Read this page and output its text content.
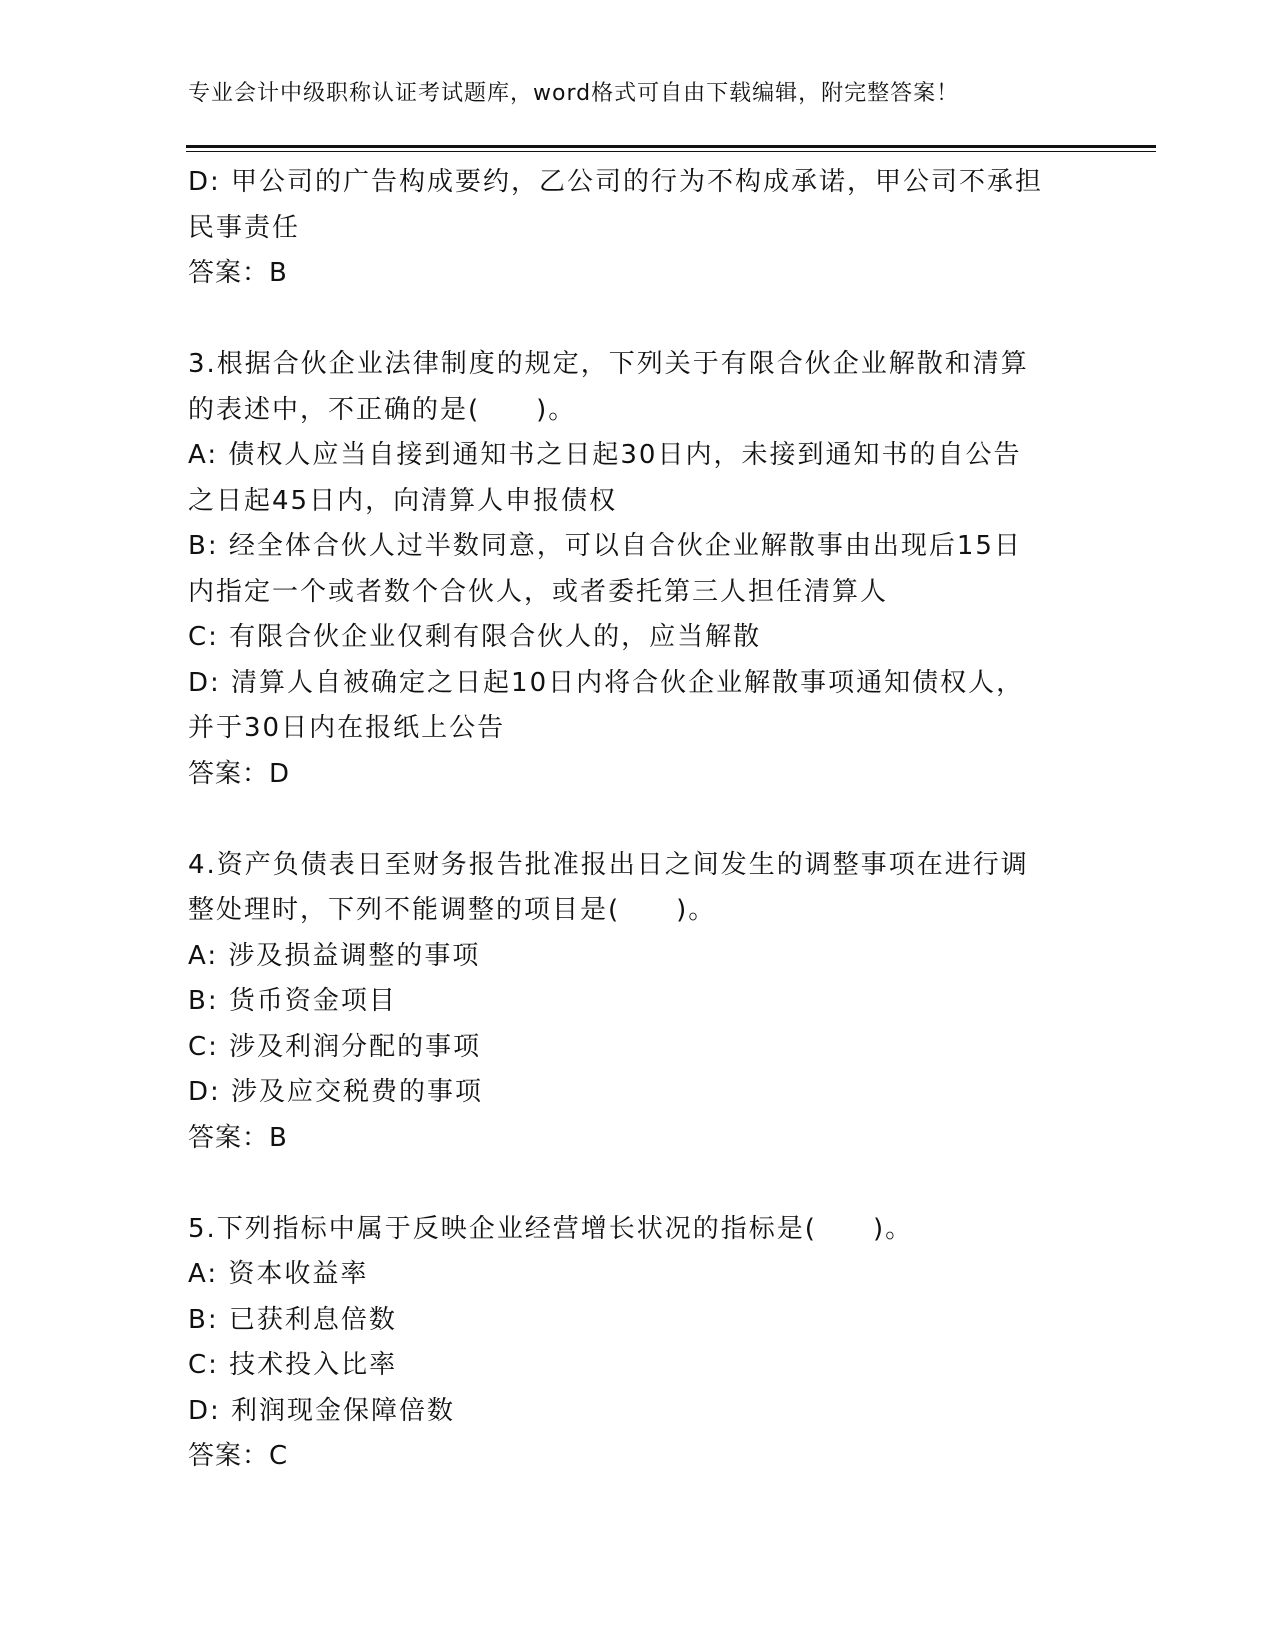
专业会计中级职称认证考试题库，word格式可自由下载编辑，附完整答案！
D: 甲公司的广告构成要约，乙公司的行为不构成承诺，甲公司不承担
民事责任
答案：B
3.根据合伙企业法律制度的规定，下列关于有限合伙企业解散和清算
的表述中，不正确的是(　　)。
A: 债权人应当自接到通知书之日起30日内，未接到通知书的自公告
之日起45日内，向清算人申报债权
B: 经全体合伙人过半数同意，可以自合伙企业解散事由出现后15日
内指定一个或者数个合伙人，或者委托第三人担任清算人
C: 有限合伙企业仅剩有限合伙人的，应当解散
D: 清算人自被确定之日起10日内将合伙企业解散事项通知债权人，
并于30日内在报纸上公告
答案：D
4.资产负债表日至财务报告批准报出日之间发生的调整事项在进行调
整处理时，下列不能调整的项目是(　　)。
A: 涉及损益调整的事项
B: 货币资金项目
C: 涉及利润分配的事项
D: 涉及应交税费的事项
答案：B
5.下列指标中属于反映企业经营增长状况的指标是(　　)。
A: 资本收益率
B: 已获利息倍数
C: 技术投入比率
D: 利润现金保障倍数
答案：C
